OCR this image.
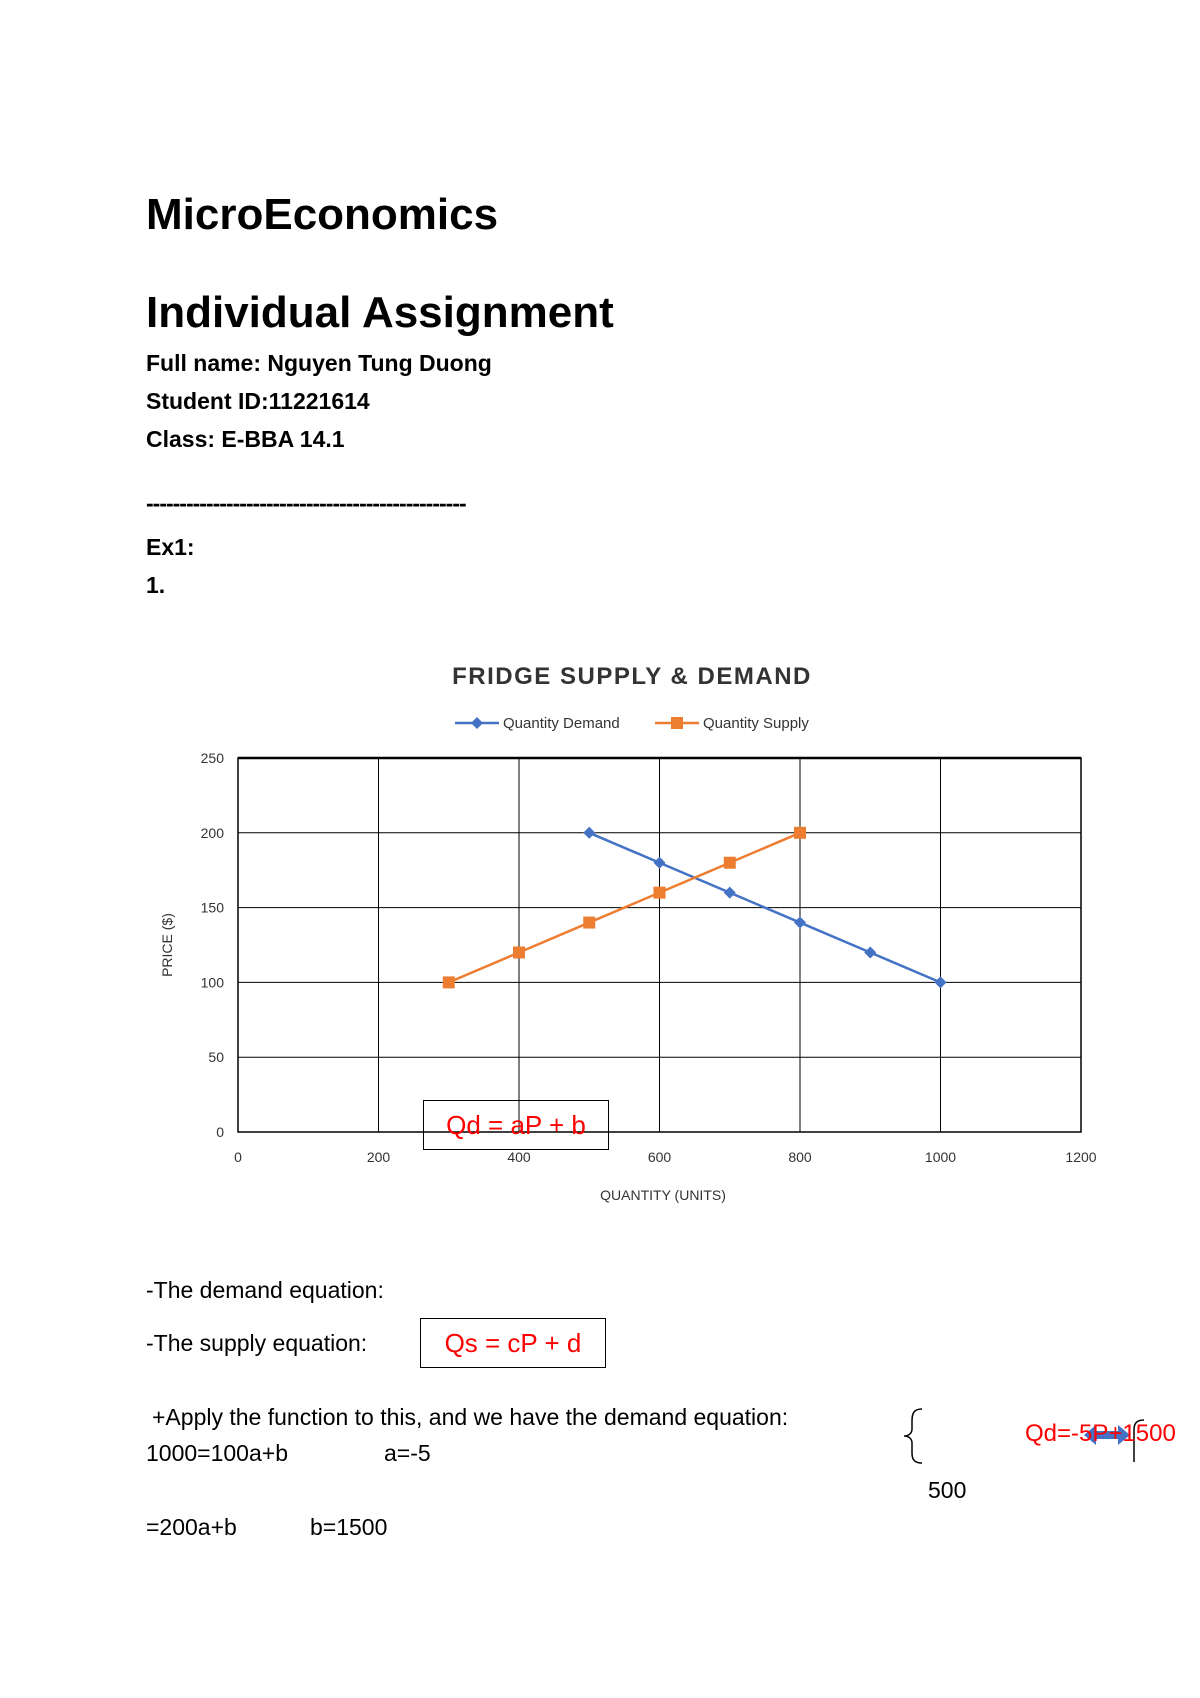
MicroEconomics
Individual Assignment
Full name: Nguyen Tung Duong
Student ID:11221614
Class: E-BBA 14.1
------------------------------------------------
Ex1:
1.
FRIDGE SUPPLY & DEMAND
Quantity Demand	Quantity Supply
0
50
100
150
200
250
0	200	400	600	800	1000	1200
QUANTITY (UNITS)
PRICE ($)
Qd = aP + b
-The demand equation:
-The supply equation:	Qs = cP + d
+Apply the function to this, and we have the demand equation:
1000=100a+b	a=-5
500
=200a+b	b=1500
Qd=-5P+1500
